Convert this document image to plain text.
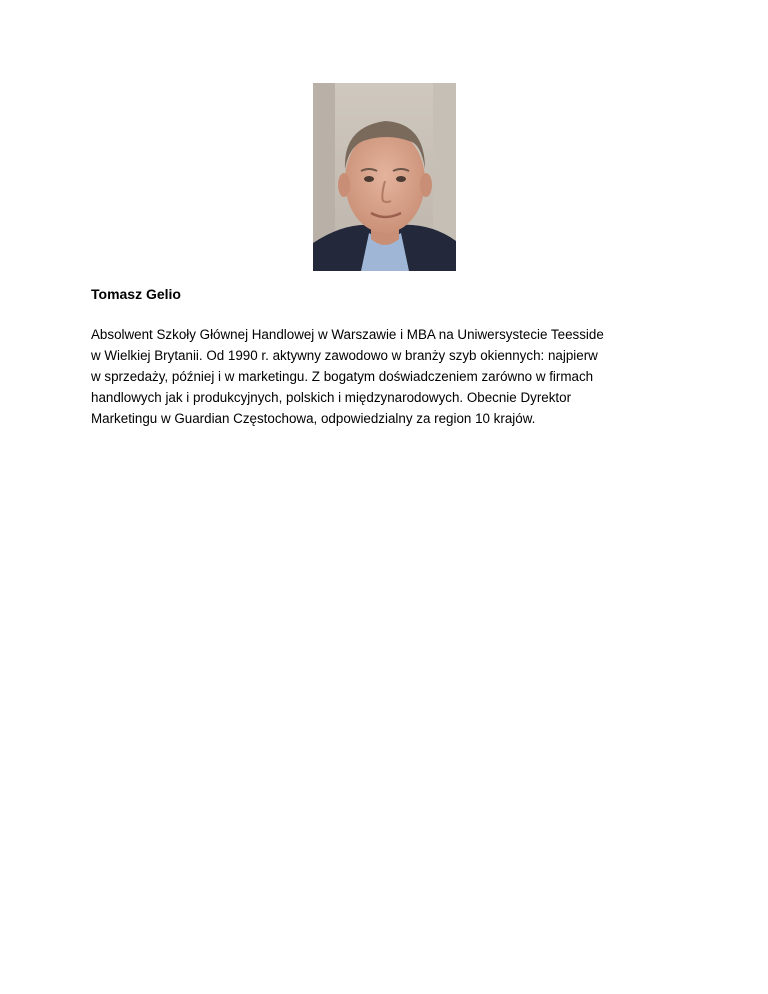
Tomasz Gelio

Absolwent Szkoły Głównej Handlowej w Warszawie i MBA na Uniwersystecie Teesside
w Wielkiej Brytanii. Od 1990 r. aktywny zawodowo w branży szyb okiennych: najpierw
w sprzedaży, później i w marketingu. Z bogatym doświadczeniem zarówno w firmach
handlowych jak i produkcyjnych, polskich i międzynarodowych. Obecnie Dyrektor
Marketingu w Guardian Częstochowa, odpowiedzialny za region 10 krajów.
